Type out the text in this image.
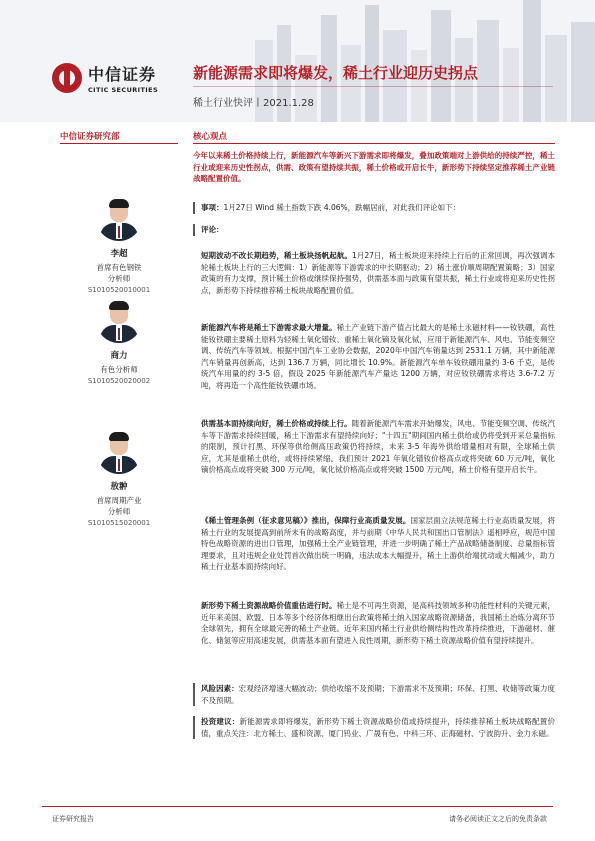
中信证券
CITIC SECURITIES
新能源需求即将爆发，稀土行业迎历史拐点
稀土行业快评丨2021.1.28
中信证券研究部
李超
首席有色钢铁
分析师
S1010520010001
商力
有色分析师
S1010520020002
敖翀
首席周期产业
分析师
S1010515020001
核心观点
今年以来稀土价格持续上行，新能源汽车等新兴下游需求即将爆发，叠加政策端对上游供给的持续严控，稀土行业或迎来历史性拐点，供需、政策有望持续共振，稀土价格或开启长牛，新形势下持续坚定推荐稀土产业链战略配置价值。
事项：1月27日 Wind 稀土指数下跌 4.06%，跌幅居前，对此我们评论如下：
评论：
短期波动不改长期趋势，稀土板块扬帆起航。1月27日，稀土板块迎来持续上行后的正常回调，再次强调本轮稀土板块上行的三大逻辑：1）新能源等下游需求的中长期驱动；2）稀土涨价顺周期配置策略；3）国家政策的有力支撑，预计稀土价格或继续保持强势，供需基本面与政策有望共振，稀土行业或将迎来历史性拐点，新形势下持续推荐稀土板块战略配置价值。
新能源汽车将是稀土下游需求最大增量。稀土产业链下游产值占比最大的是稀土永磁材料——钕铁硼，高性能钕铁硼主要稀土原料为轻稀土氧化镨钕、重稀土氧化镝及氧化铽，应用于新能源汽车、风电、节能变频空调、传统汽车等领域。根据中国汽车工业协会数据，2020年中国汽车销量达到 2531.1 万辆，其中新能源汽车销量再创新高，达到 136.7 万辆，同比增长 10.9%。新能源汽车单车钕铁硼用量约 3-6 千克，是传统汽车用量的约 3-5 倍，假设 2025 年新能源汽车产量达 1200 万辆，对应钕铁硼需求将达 3.6-7.2 万吨，将再造一个高性能钕铁硼市场。
供需基本面持续向好，稀土价格或持续上行。随着新能源汽车需求开始爆发，风电、节能变频空调、传统汽车等下游需求持续回暖，稀土下游需求有望持续向好；"十四五"期间国内稀土供给或仍将受到开采总量指标的限制，预计打黑、环保等供给侧高压政策仍将持续，未来 3-5 年海外供给增量相对有限，全球稀土供应，尤其是重稀土供给，或将持续紧缩。我们预计 2021 年氧化镨钕价格高点或将突破 60 万元/吨，氧化镝价格高点或将突破 300 万元/吨，氧化铽价格高点或将突破 1500 万元/吨，稀土价格有望开启长牛。
《稀土管理条例（征求意见稿）》推出，保障行业高质量发展。国家层面立法规范稀土行业高质量发展，将稀土行业的发展提高到前所未有的战略高度，并与前期《中华人民共和国出口管制法》遥相呼应，规范中国特色战略资源的进出口管理，加强稀土全产业链管理，并进一步明确了稀土产品战略储备制度、总量指标管理要求，且对违规企业处罚首次做出统一明确，违法成本大幅提升，稀土上游供给端扰动或大幅减少，助力稀土行业基本面持续向好。
新形势下稀土资源战略价值重估进行时。稀土是不可再生资源，是高科技领域多种功能性材料的关键元素，近年来美国、欧盟、日本等多个经济体相继出台政策将稀土纳入国家战略资源储备，我国稀土冶炼分离环节全球领先，拥有全球最完善的稀土产业链。近年来国内稀土行业供给侧结构性改革持续推进，下游磁材、催化、储氢等应用高速发展，供需基本面有望进入良性周期，新形势下稀土资源战略价值有望持续提升。
风险因素：宏观经济增速大幅波动；供给收缩不及预期；下游需求不及预期；环保、打黑、收储等政策力度不及预期。
投资建议：新能源需求即将爆发，新形势下稀土资源战略价值或持续提升，持续推荐稀土板块战略配置价值，重点关注：北方稀土、盛和资源、厦门钨业、广晟有色、中科三环、正海磁材、宁波韵升、金力永磁。
证券研究报告	请务必阅读正文之后的免责条款
